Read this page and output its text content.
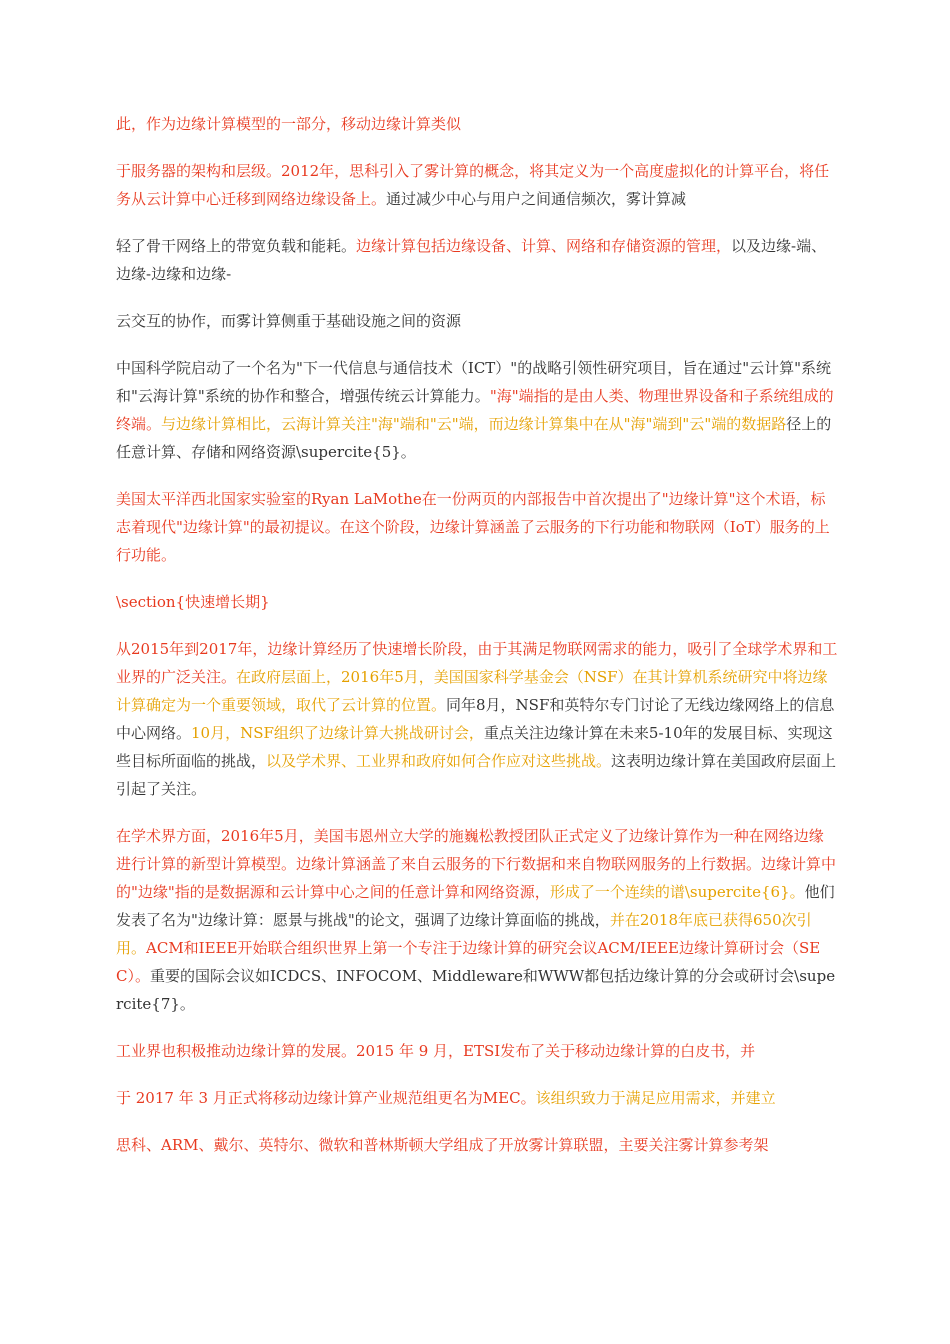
此，作为边缘计算模型的一部分，移动边缘计算类似

于服务器的架构和层级。2012年，思科引入了雾计算的概念，将其定义为一个高度虚拟化的计算平台，将任务从云计算中心迁移到网络边缘设备上。通过减少中心与用户之间通信频次，雾计算减

轻了骨干网络上的带宽负载和能耗。边缘计算包括边缘设备、计算、网络和存储资源的管理，以及边缘-端、边缘-边缘和边缘-

云交互的协作，而雾计算侧重于基础设施之间的资源

中国科学院启动了一个名为"下一代信息与通信技术（ICT）"的战略引领性研究项目，旨在通过"云计算"系统和"云海计算"系统的协作和整合，增强传统云计算能力。"海"端指的是由人类、物理世界设备和子系统组成的终端。与边缘计算相比，云海计算关注"海"端和"云"端，而边缘计算集中在从"海"端到"云"端的数据路径上的任意计算、存储和网络资源\supercite{5}。

美国太平洋西北国家实验室的Ryan LaMothe在一份两页的内部报告中首次提出了"边缘计算"这个术语，标志着现代"边缘计算"的最初提议。在这个阶段，边缘计算涵盖了云服务的下行功能和物联网（IoT）服务的上行功能。

\section{快速增长期}

从2015年到2017年，边缘计算经历了快速增长阶段，由于其满足物联网需求的能力，吸引了全球学术界和工业界的广泛关注。在政府层面上，2016年5月，美国国家科学基金会（NSF）在其计算机系统研究中将边缘计算确定为一个重要领域，取代了云计算的位置。同年8月，NSF和英特尔专门讨论了无线边缘网络上的信息中心网络。10月，NSF组织了边缘计算大挑战研讨会，重点关注边缘计算在未来5-10年的发展目标、实现这些目标所面临的挑战，以及学术界、工业界和政府如何合作应对这些挑战。这表明边缘计算在美国政府层面上引起了关注。

在学术界方面，2016年5月，美国韦恩州立大学的施巍松教授团队正式定义了边缘计算作为一种在网络边缘进行计算的新型计算模型。边缘计算涵盖了来自云服务的下行数据和来自物联网服务的上行数据。边缘计算中的"边缘"指的是数据源和云计算中心之间的任意计算和网络资源，形成了一个连续的谱\supercite{6}。他们发表了名为"边缘计算：愿景与挑战"的论文，强调了边缘计算面临的挑战，并在2018年底已获得650次引用。ACM和IEEE开始联合组织世界上第一个专注于边缘计算的研究会议ACM/IEEE边缘计算研讨会（SEC）。重要的国际会议如ICDCS、INFOCOM、Middleware和WWW都包括边缘计算的分会或研讨会\supercite{7}。

工业界也积极推动边缘计算的发展。2015 年 9 月，ETSI发布了关于移动边缘计算的白皮书，并

于 2017 年 3 月正式将移动边缘计算产业规范组更名为MEC。该组织致力于满足应用需求，并建立

思科、ARM、戴尔、英特尔、微软和普林斯顿大学组成了开放雾计算联盟，主要关注雾计算参考架
